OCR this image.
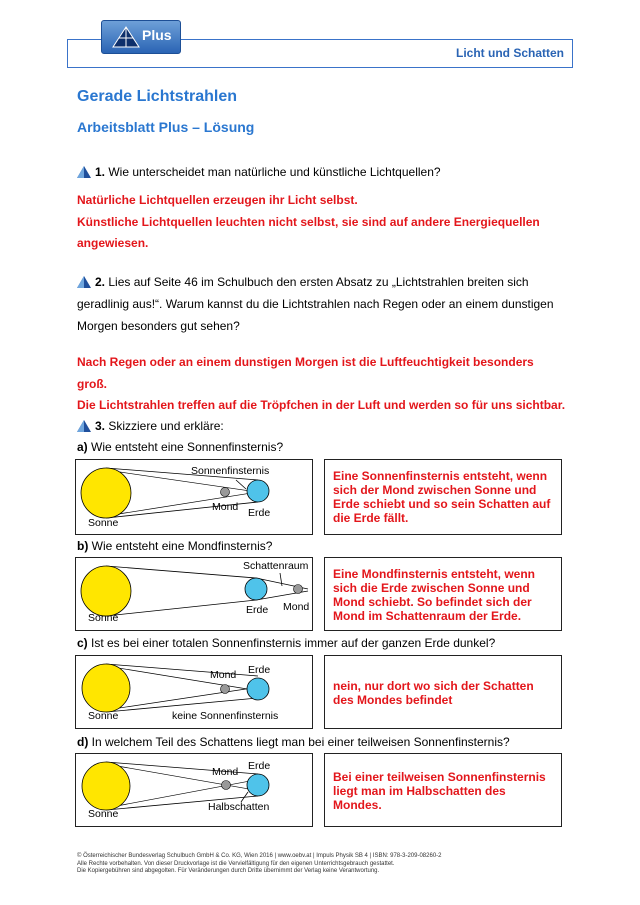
Plus
Licht und Schatten
Gerade Lichtstrahlen
Arbeitsblatt Plus – Lösung
1. Wie unterscheidet man natürliche und künstliche Lichtquellen?
Natürliche Lichtquellen erzeugen ihr Licht selbst.
Künstliche Lichtquellen leuchten nicht selbst, sie sind auf andere Energiequellen
angewiesen.
2. Lies auf Seite 46 im Schulbuch den ersten Absatz zu „Lichtstrahlen breiten sich
geradlinig aus!“. Warum kannst du die Lichtstrahlen nach Regen oder an einem dunstigen
Morgen besonders gut sehen?
Nach Regen oder an einem dunstigen Morgen ist die Luftfeuchtigkeit besonders groß.
Die Lichtstrahlen treffen auf die Tröpfchen in der Luft und werden so für uns sichtbar.
3. Skizziere und erkläre:
a) Wie entsteht eine Sonnenfinsternis?
Sonne
Mond Erde
Sonnenfinsternis	Eine Sonnenfinsternis entsteht, wenn
sich der Mond zwischen Sonne und
Erde schiebt und so sein Schatten auf
die Erde fällt.
b) Wie entsteht eine Mondfinsternis?
Sonne
Erde Mond
Schattenraum
Eine Mondfinsternis entsteht, wenn
sich die Erde zwischen Sonne und
Mond schiebt. So befindet sich der
Mond im Schattenraum der Erde.
c) Ist es bei einer totalen Sonnenfinsternis immer auf der ganzen Erde dunkel?
Sonne
Mond Erde
keine Sonnenfinsternis
nein, nur dort wo sich der Schatten
des Mondes befindet
d) In welchem Teil des Schattens liegt man bei einer teilweisen Sonnenfinsternis?
Sonne
Mond Erde
Halbschatten
Bei einer teilweisen Sonnenfinsternis
liegt man im Halbschatten des
Mondes.
© Österreichischer Bundesverlag Schulbuch GmbH & Co. KG, Wien 2016 | www.oebv.at | Impuls Physik SB 4 | ISBN: 978-3-209-08260-2
Alle Rechte vorbehalten. Von dieser Druckvorlage ist die Vervielfältigung für den eigenen Unterrichtsgebrauch gestattet.
Die Kopiergebühren sind abgegolten. Für Veränderungen durch Dritte übernimmt der Verlag keine Verantwortung.
